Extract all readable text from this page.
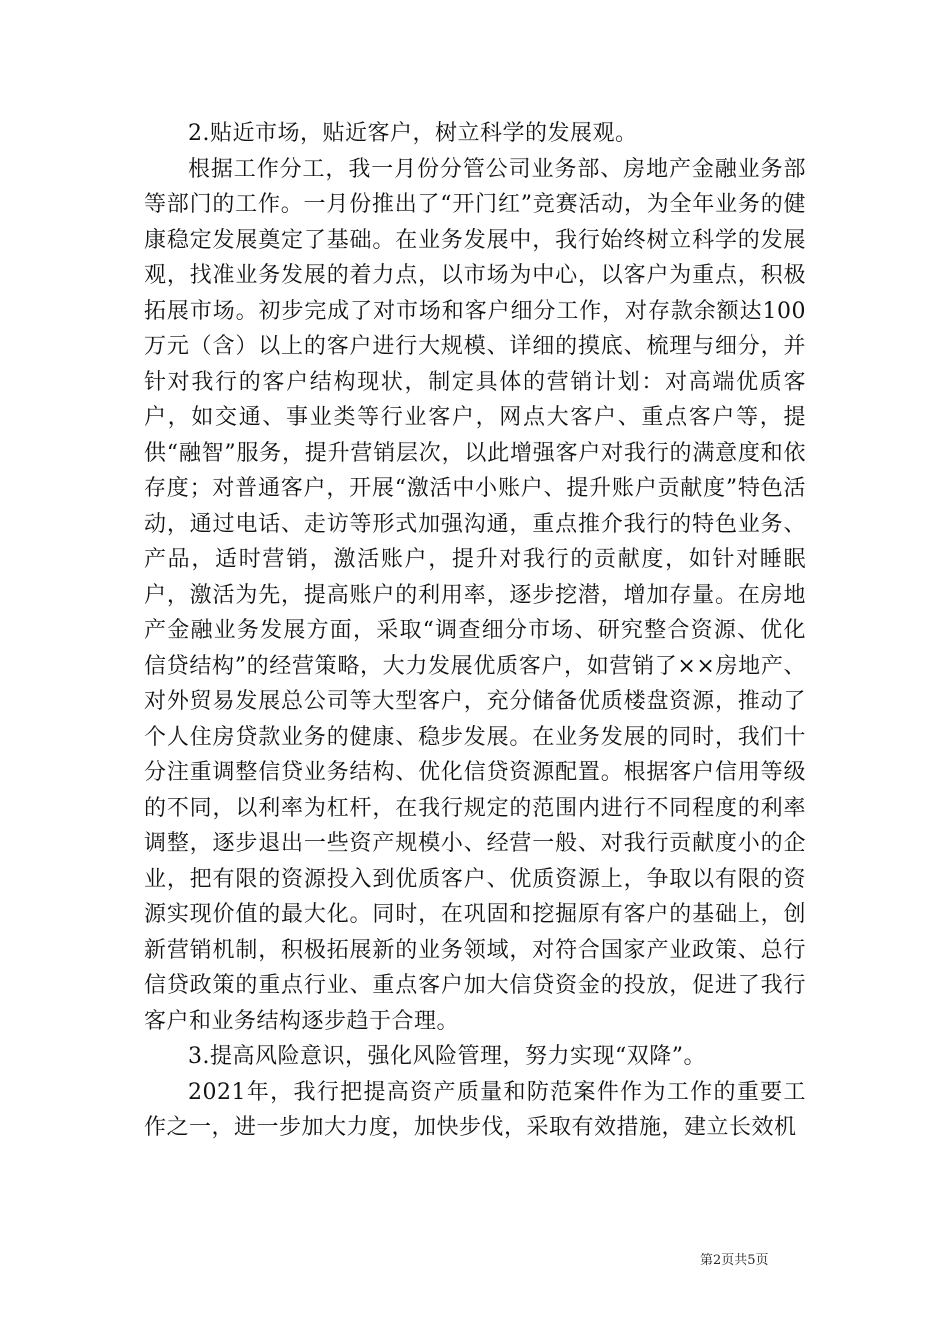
2.贴近市场，贴近客户，树立科学的发展观。

根据工作分工，我一月份分管公司业务部、房地产金融业务部等部门的工作。一月份推出了“开门红”竞赛活动，为全年业务的健康稳定发展奠定了基础。在业务发展中，我行始终树立科学的发展观，找准业务发展的着力点，以市场为中心，以客户为重点，积极拓展市场。初步完成了对市场和客户细分工作，对存款余额达100万元（含）以上的客户进行大规模、详细的摸底、梳理与细分，并针对我行的客户结构现状，制定具体的营销计划：对高端优质客户，如交通、事业类等行业客户，网点大客户、重点客户等，提供“融智”服务，提升营销层次，以此增强客户对我行的满意度和依存度；对普通客户，开展“激活中小账户、提升账户贡献度”特色活动，通过电话、走访等形式加强沟通，重点推介我行的特色业务、产品，适时营销，激活账户，提升对我行的贡献度，如针对睡眠户，激活为先，提高账户的利用率，逐步挖潜，增加存量。在房地产金融业务发展方面，采取“调查细分市场、研究整合资源、优化信贷结构”的经营策略，大力发展优质客户，如营销了××房地产、对外贸易发展总公司等大型客户，充分储备优质楼盘资源，推动了个人住房贷款业务的健康、稳步发展。在业务发展的同时，我们十分注重调整信贷业务结构、优化信贷资源配置。根据客户信用等级的不同，以利率为杠杆，在我行规定的范围内进行不同程度的利率调整，逐步退出一些资产规模小、经营一般、对我行贡献度小的企业，把有限的资源投入到优质客户、优质资源上，争取以有限的资源实现价值的最大化。同时，在巩固和挖掘原有客户的基础上，创新营销机制，积极拓展新的业务领域，对符合国家产业政策、总行信贷政策的重点行业、重点客户加大信贷资金的投放，促进了我行客户和业务结构逐步趋于合理。

3.提高风险意识，强化风险管理，努力实现“双降”。

2021年，我行把提高资产质量和防范案件作为工作的重要工作之一，进一步加大力度，加快步伐，采取有效措施，建立长效机

第2页共5页
